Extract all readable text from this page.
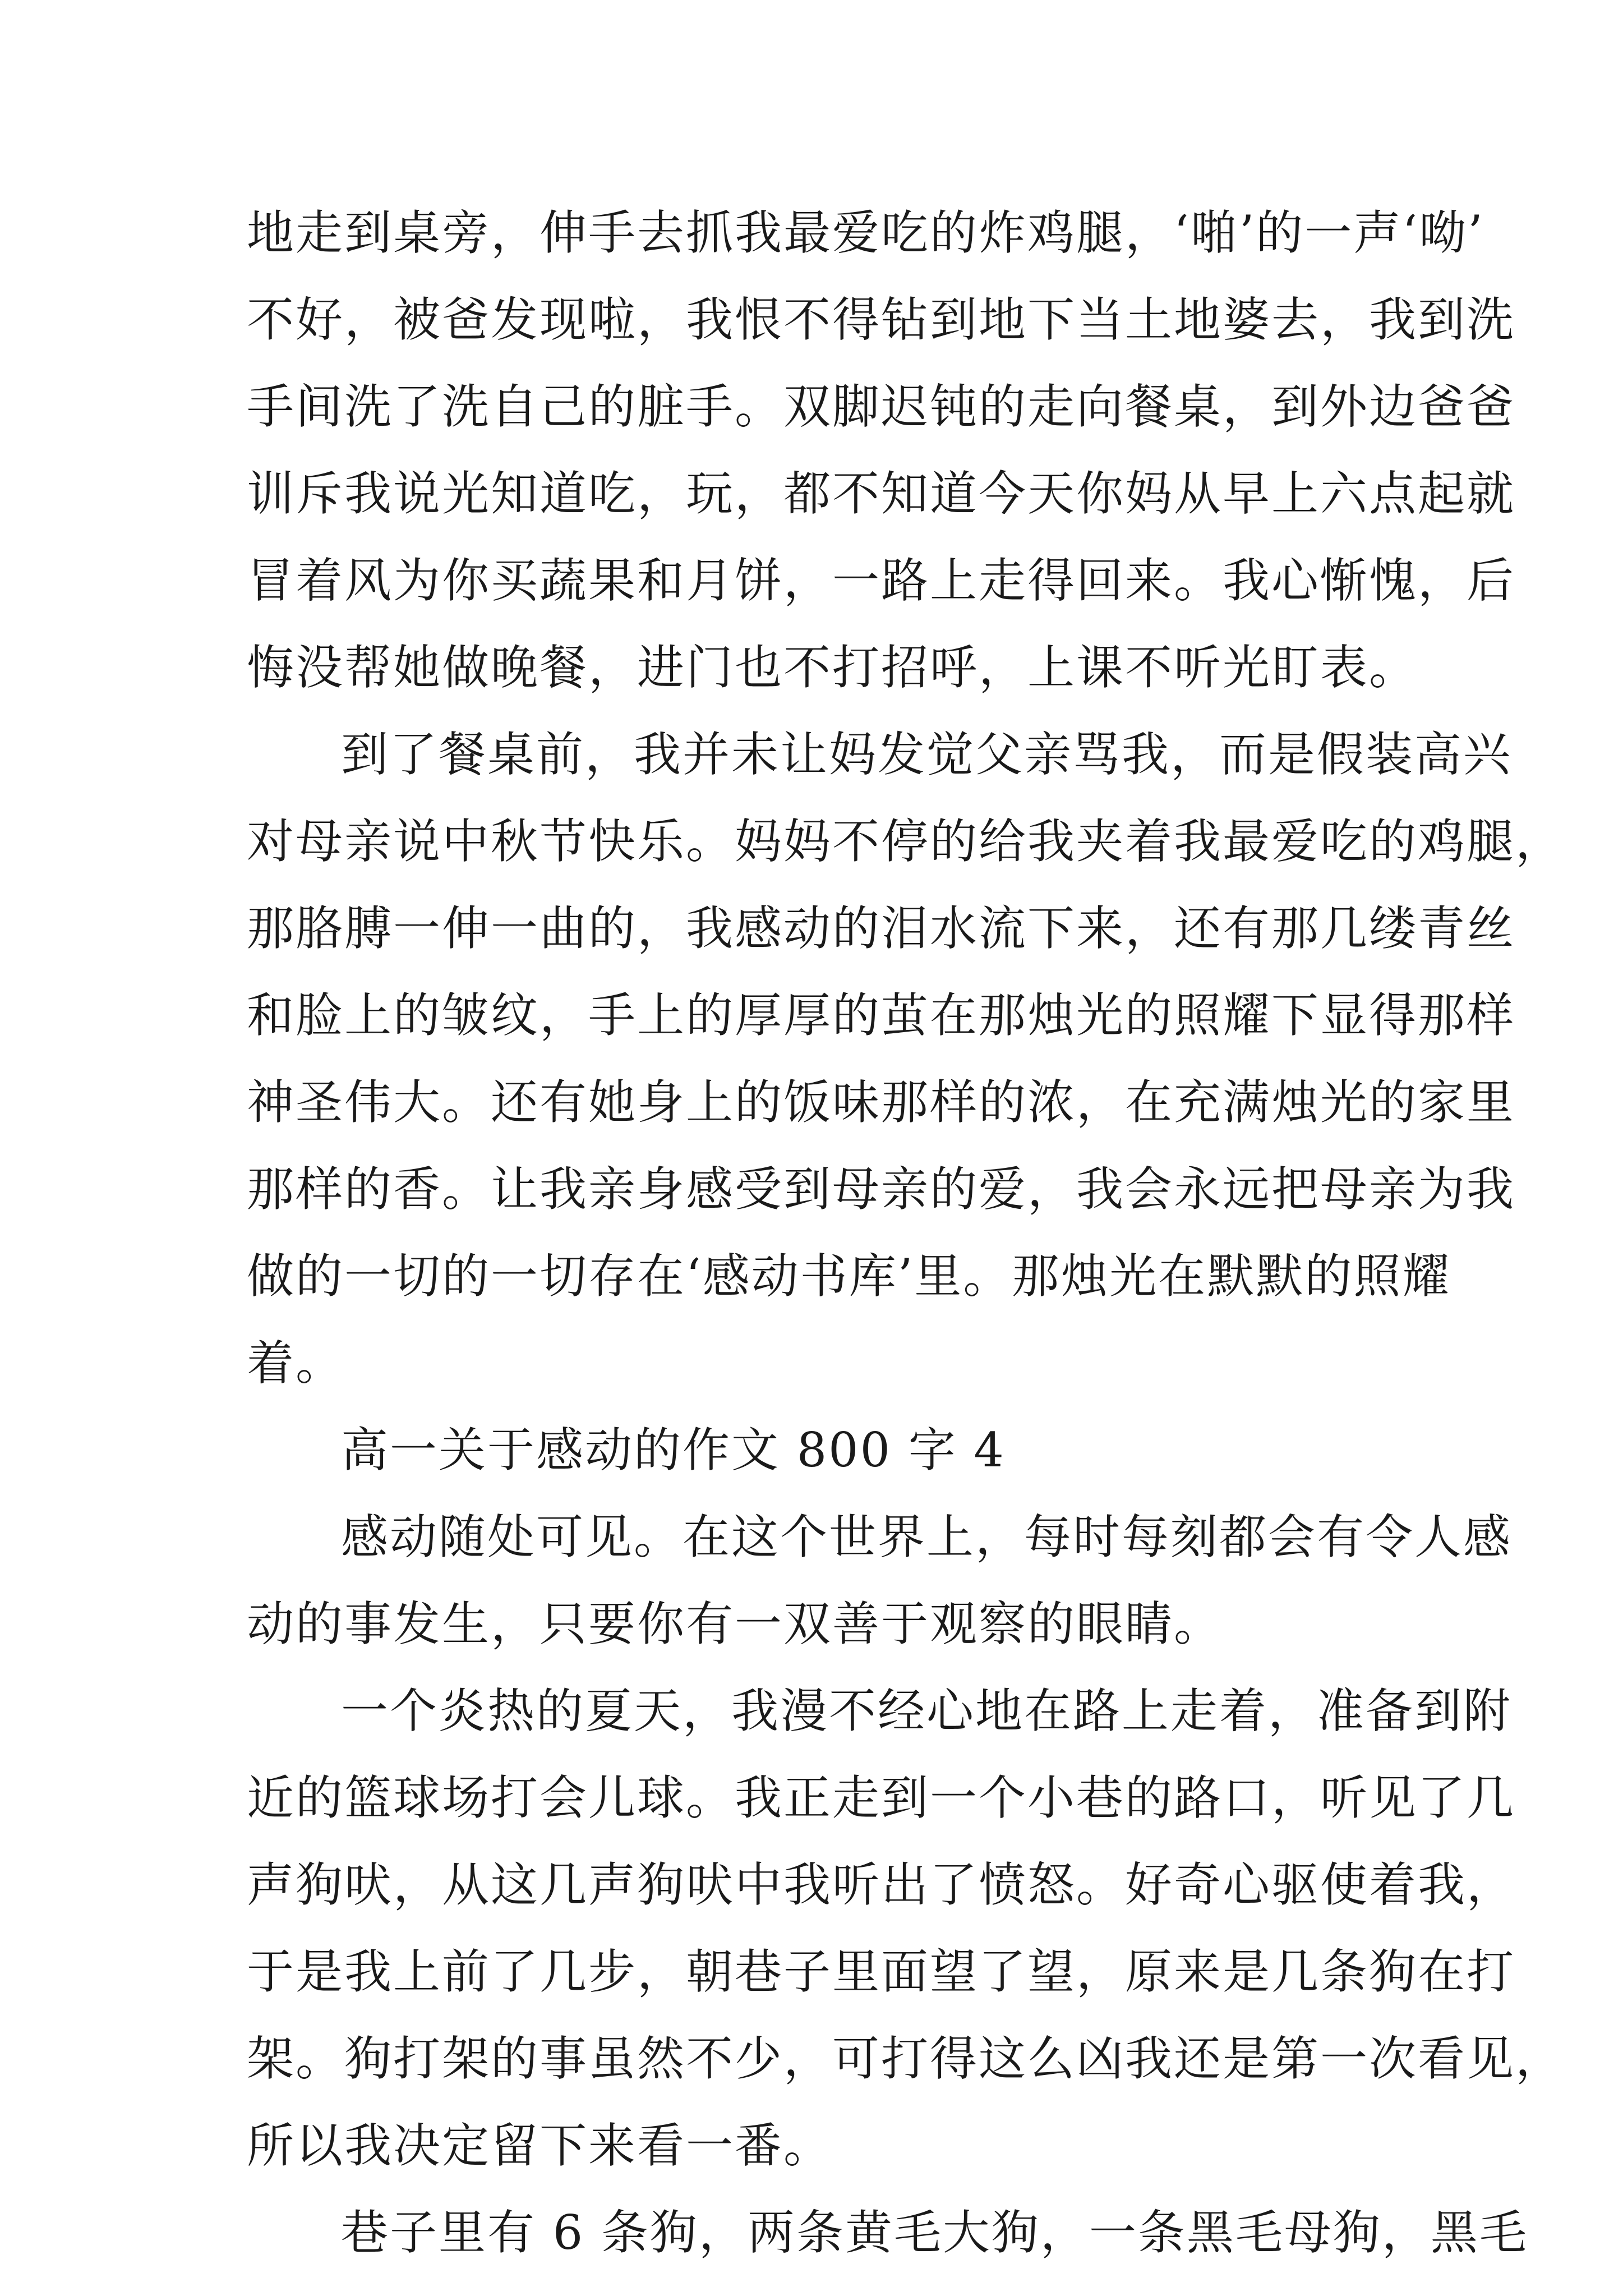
地走到桌旁，伸手去抓我最爱吃的炸鸡腿，‘啪’的一声‘呦’
不好，被爸发现啦，我恨不得钻到地下当土地婆去，我到洗
手间洗了洗自己的脏手。双脚迟钝的走向餐桌，到外边爸爸
训斥我说光知道吃，玩，都不知道今天你妈从早上六点起就
冒着风为你买蔬果和月饼，一路上走得回来。我心惭愧，后
悔没帮她做晚餐，进门也不打招呼，上课不听光盯表。
到了餐桌前，我并未让妈发觉父亲骂我，而是假装高兴
对母亲说中秋节快乐。妈妈不停的给我夹着我最爱吃的鸡腿，
那胳膊一伸一曲的，我感动的泪水流下来，还有那几缕青丝
和脸上的皱纹，手上的厚厚的茧在那烛光的照耀下显得那样
神圣伟大。还有她身上的饭味那样的浓，在充满烛光的家里
那样的香。让我亲身感受到母亲的爱，我会永远把母亲为我
做的一切的一切存在‘感动书库’里。那烛光在默默的照耀
着。
高一关于感动的作文 800 字 4
感动随处可见。在这个世界上，每时每刻都会有令人感
动的事发生，只要你有一双善于观察的眼睛。
一个炎热的夏天，我漫不经心地在路上走着，准备到附
近的篮球场打会儿球。我正走到一个小巷的路口，听见了几
声狗吠，从这几声狗吠中我听出了愤怒。好奇心驱使着我，
于是我上前了几步，朝巷子里面望了望，原来是几条狗在打
架。狗打架的事虽然不少，可打得这么凶我还是第一次看见，
所以我决定留下来看一番。
巷子里有 6 条狗，两条黄毛大狗，一条黑毛母狗，黑毛
